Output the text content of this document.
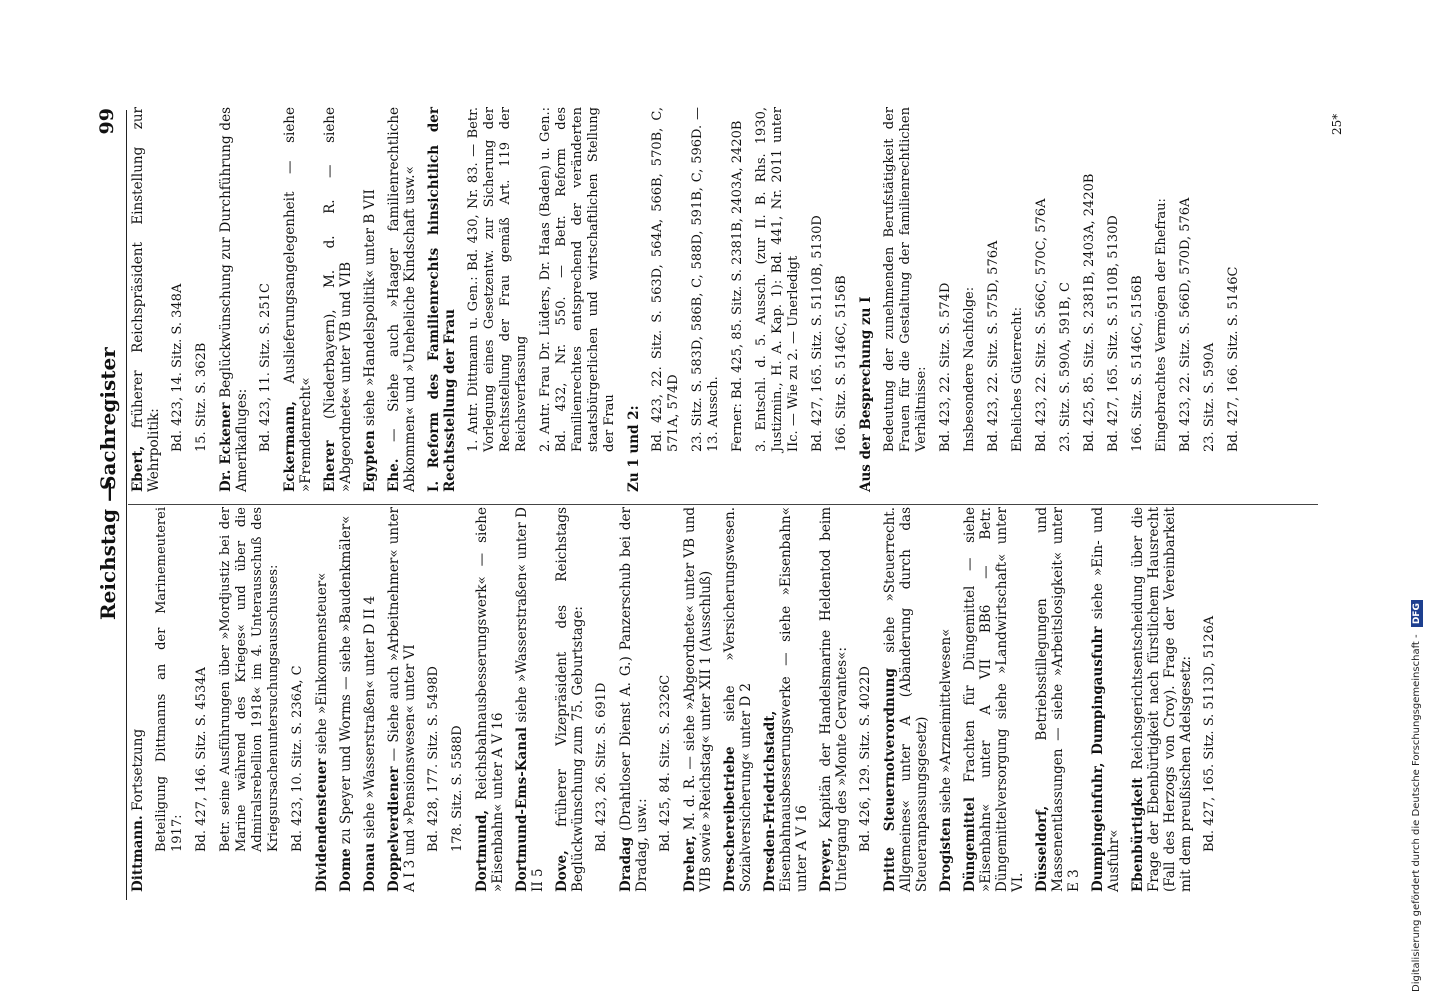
Reichstag —
Sachregister
99
Dittmann. Fortsetzung Beteiligung Dittmanns an der Marinemeuterei 1917: Bd. 427, 146. Sitz. S. 4534A Betr. seine Ausführungen über »Mordjustiz bei der Marine während des Krieges« und über die Admiralsrebellion 1918« im 4. Unterausschuß des Kriegsursachenuntersuchungsausschusses: Bd. 423, 10. Sitz. S. 236A, C Dividendensteuer siehe »Einkommensteuer«
Dome zu Speyer und Worms — siehe »Baudenkmäler«
Donau siehe »Wasserstraßen« unter D II 4 Doppelverdiener — Siehe auch »Arbeitnehmer« unter A I 3 und »Pensionswesen« unter VI Bd. 428, 177. Sitz. S. 5498D 178. Sitz. S. 5588D Dortmund, Reichsbahnausbesserungswerk« — siehe »Eisenbahn« unter A V 16 Dortmund-Ems-Kanal siehe »Wasserstraßen« unter D II 5 Dove, früherer Vizepräsident des Reichstags Beglückwünschung zum 75. Geburtstage: Bd. 423, 26. Sitz. S. 691D
Dradag (Drahtloser Dienst A. G.) Panzerschub bei der Dradag, usw.: Bd. 425, 84. Sitz. S. 2326C
Dreher, M. d. R. — siehe »Abgeordnete« unter VB und VIB sowie »Reichstag« unter XII 1 (Ausschluß) Dreschereibetriebe siehe »Versicherungswesen. Sozialversicherung« unter D 2 Dresden-Friedrichstadt, Eisenbahnausbesserungswerke — siehe »Eisenbahn« unter A V 16 Dreyer, Kapitän der Handelsmarine Heldentod beim Untergang des »Monte Cervantes«: Bd. 426, 129. Sitz. S. 4022D Dritte Steuernotverordnung siehe »Steuerrecht. Allgemeines« unter A (Abänderung durch das Steueranpassungsgesetz) Drogisten siehe »Arzneimittelwesen«
Düngemittel Frachten für Düngemittel — siehe »Eisenbahn« unter A VII BB6 — Betr. Düngemittelversorgung siehe »Landwirtschaft« unter VI. Düsseldorf, Betriebsstillegungen und Massenentlassungen — siehe »Arbeitslosigkeit« unter E 3 Dumpingeinfuhr, Dumpingausfuhr siehe »Ein- und Ausfuhr« Ebenbürtigkeit Reichsgerichtsentscheidung über die Frage der Ebenbürtigkeit nach fürstlichem Hausrecht (Fall des Herzogs von Croy). Frage der Vereinbarkeit mit dem preußischen Adelsgesetz: Bd. 427, 165. Sitz. S. 5113D, 5126A
Ebert, früherer Reichspräsident Einstellung zur Wehrpolitik: Bd. 423, 14. Sitz. S. 348A 15. Sitz. S. 362B Dr. Eckener Beglückwünschung zur Durchführung des Amerikafluges: Bd. 423, 11. Sitz. S. 251C Eckermann, Auslieferungsangelegenheit — siehe »Fremdenrecht« Eherer (Niederbayern), M. d. R. — siehe »Abgeordnete« unter VB und VIB Egypten siehe »Handelspolitik« unter B VII
Ehe. — Siehe auch »Haager familienrechtliche Abkommen« und »Uneheliche Kindschaft usw.« I. Reform des Familienrechts hinsichtlich der Rechtsstellung der Frau 1. Antr. Dittmann u. Gen.: Bd. 430, Nr. 83. — Betr. Vorlegung eines Gesetzentw. zur Sicherung der Rechtsstellung der Frau gemäß Art. 119 der Reichsverfassung 2. Antr. Frau Dr. Lüders, Dr. Haas (Baden) u. Gen.: Bd. 432, Nr. 550. — Betr. Reform des Familienrechtes entsprechend der veränderten staatsbürgerlichen und wirtschaftlichen Stellung der Frau Zu 1 und 2: Bd. 423, 22. Sitz. S. 563D, 564A, 566B, 570B, C, 571A, 574D 23. Sitz. S. 583D, 586B, C, 588D, 591B, C, 596D. — 13. Aussch. Ferner: Bd. 425, 85. Sitz. S. 2381B, 2403A, 2420B 3. Entschl. d. 5. Aussch. (zur II. B. Rhs. 1930, Justizmin., H. A. Kap. 1): Bd. 441, Nr. 2011 unter IIc. — Wie zu 2. — Unerledigt Bd. 427, 165. Sitz. S. 5110B, 5130D 166. Sitz. S. 5146C, 5156B Aus der Besprechung zu I Bedeutung der zunehmenden Berufstätigkeit der Frauen für die Gestaltung der familienrechtlichen Verhältnisse: Bd. 423, 22. Sitz. S. 574D Insbesondere Nachfolge: Bd. 423, 22. Sitz. S. 575D, 576A Eheliches Güterrecht: Bd. 423, 22. Sitz. S. 566C, 570C, 576A 23. Sitz. S. 590A, 591B, C Bd. 425, 85. Sitz. S. 2381B, 2403A, 2420B Bd. 427, 165. Sitz. S. 5110B, 5130D 166. Sitz. S. 5146C, 5156B Eingebrachtes Vermögen der Ehefrau: Bd. 423, 22. Sitz. S. 566D, 570D, 576A 23. Sitz. S. 590A Bd. 427, 166. Sitz. S. 5146C
25*
Digitalisierung gefördert durch die Deutsche Forschungsgemeinschaft - DFG
